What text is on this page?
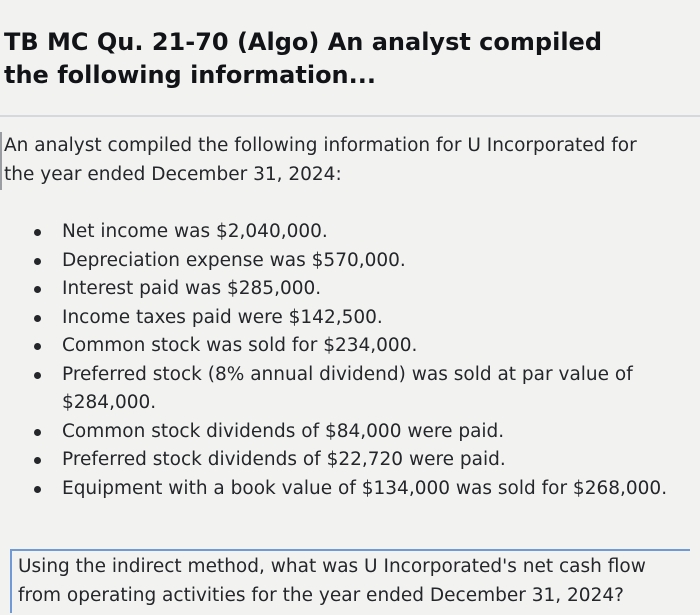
TB MC Qu. 21-70 (Algo) An analyst compiled the following information...
An analyst compiled the following information for U Incorporated for the year ended December 31, 2024:
Net income was $2,040,000.
Depreciation expense was $570,000.
Interest paid was $285,000.
Income taxes paid were $142,500.
Common stock was sold for $234,000.
Preferred stock (8% annual dividend) was sold at par value of $284,000.
Common stock dividends of $84,000 were paid.
Preferred stock dividends of $22,720 were paid.
Equipment with a book value of $134,000 was sold for $268,000.
Using the indirect method, what was U Incorporated's net cash flow from operating activities for the year ended December 31, 2024?
